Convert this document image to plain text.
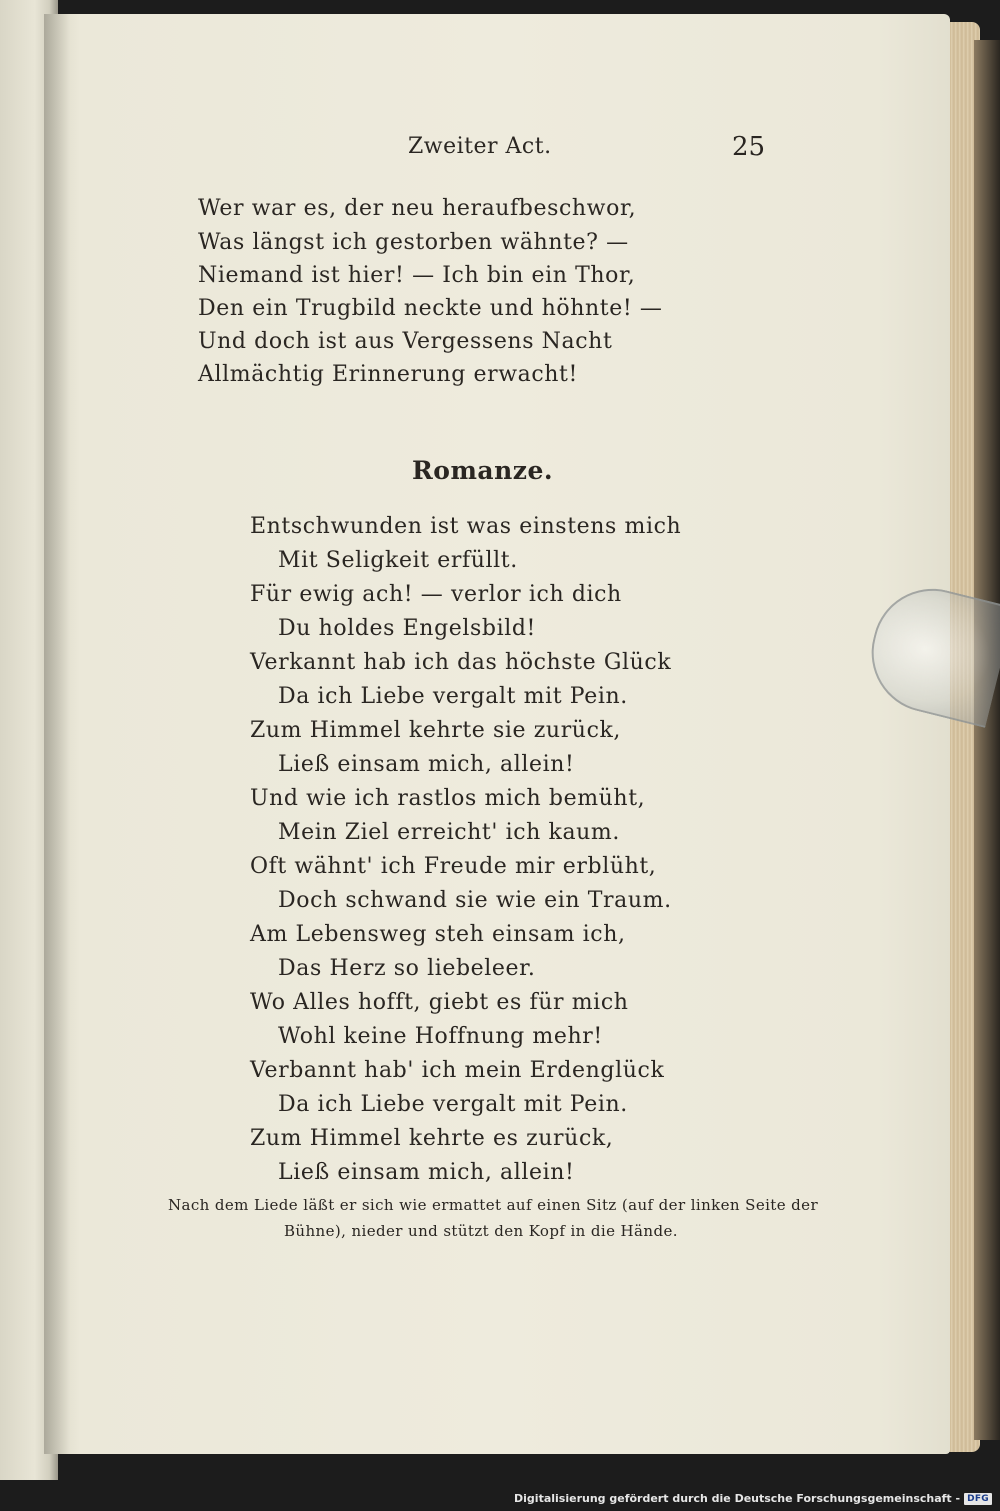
Zweiter Act.	25
Wer war es, der neu heraufbeschwor,
Was längst ich gestorben wähnte? —
Niemand ist hier! — Ich bin ein Thor,
Den ein Trugbild neckte und höhnte! —
Und doch ist aus Vergessens Nacht
Allmächtig Erinnerung erwacht!
Romanze.
Entschwunden ist was einstens mich
Mit Seligkeit erfüllt.
Für ewig ach! — verlor ich dich
Du holdes Engelsbild!
Verkannt hab ich das höchste Glück
Da ich Liebe vergalt mit Pein.
Zum Himmel kehrte sie zurück,
Ließ einsam mich, allein!
Und wie ich rastlos mich bemüht,
Mein Ziel erreicht' ich kaum.
Oft wähnt' ich Freude mir erblüht,
Doch schwand sie wie ein Traum.
Am Lebensweg steh einsam ich,
Das Herz so liebeleer.
Wo Alles hofft, giebt es für mich
Wohl keine Hoffnung mehr!
Verbannt hab' ich mein Erdenglück
Da ich Liebe vergalt mit Pein.
Zum Himmel kehrte es zurück,
Ließ einsam mich, allein!
Nach dem Liede läßt er sich wie ermattet auf einen Sitz (auf der linken Seite der
Bühne), nieder und stützt den Kopf in die Hände.
Digitalisierung gefördert durch die Deutsche Forschungsgemeinschaft - DFG
